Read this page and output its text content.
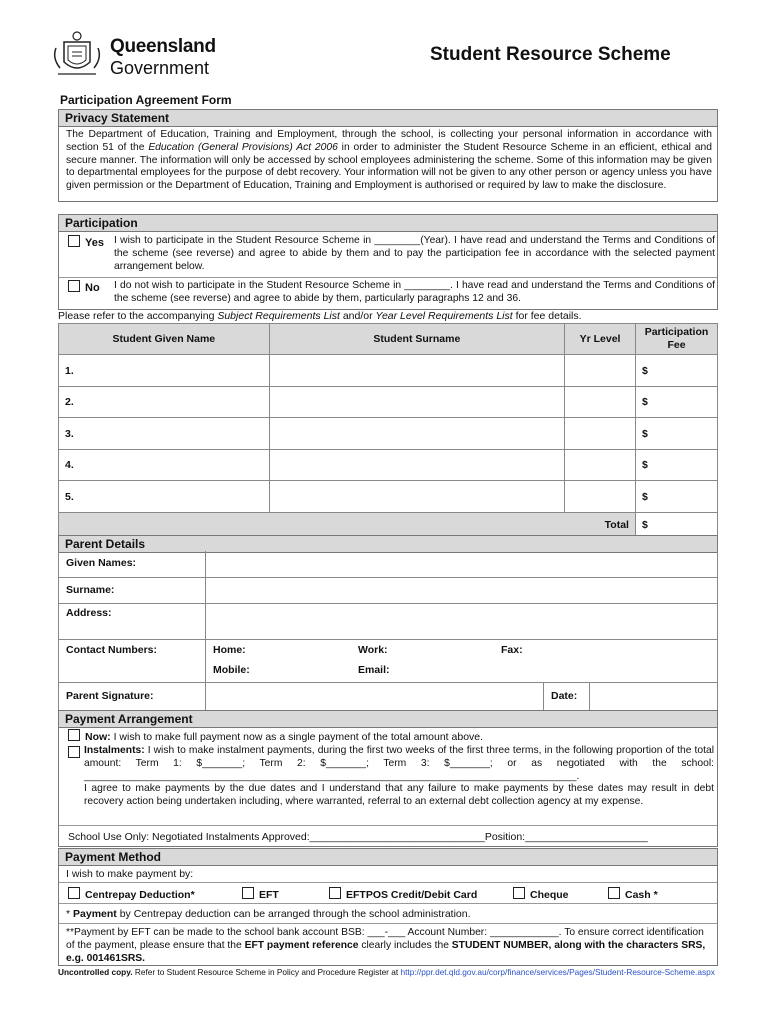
Queensland
Government
Student Resource Scheme
Participation Agreement Form
Privacy Statement
The Department of Education, Training and Employment, through the school, is collecting your personal information in accordance with section 51 of the Education (General Provisions) Act 2006 in order to administer the Student Resource Scheme in an efficient, ethical and secure manner. The information will only be accessed by school employees administering the scheme. Some of this information may be given to departmental employees for the purpose of debt recovery. Your information will not be given to any other person or agency unless you have given permission or the Department of Education, Training and Employment is authorised or required by law to make the disclosure.
Participation
Yes I wish to participate in the Student Resource Scheme in ________(Year). I have read and understand the Terms and Conditions of the scheme (see reverse) and agree to abide by them and to pay the participation fee in accordance with the selected payment arrangement below.
No I do not wish to participate in the Student Resource Scheme in ________. I have read and understand the Terms and Conditions of the scheme (see reverse) and agree to abide by them, particularly paragraphs 12 and 36.
Please refer to the accompanying Subject Requirements List and/or Year Level Requirements List for fee details.
Student Given Name	Student Surname	Yr Level	Participation
Fee
1.			$
2.			$
3.			$
4.			$
5.			$
Total			$
Parent Details
Given Names:
Surname:
Address:
Contact Numbers:	Home:	Work:	Fax:
Mobile:	Email:
Parent Signature:	Date:
Payment Arrangement
Now: I wish to make full payment now as a single payment of the total amount above.
Instalments: I wish to make instalment payments, during the first two weeks of the first three terms, in the following proportion of the total amount: Term 1: $_______; Term 2: $_______; Term 3: $_______; or as negotiated with the school: ______________________________________________________________________________________.
I agree to make payments by the due dates and I understand that any failure to make payments by these dates may result in debt recovery action being undertaken including, where warranted, referral to an external debt collection agency at my expense.
School Use Only: Negotiated Instalments Approved:______________________________Position:_____________________
Payment Method
I wish to make payment by:
Centrepay Deduction*	EFT	EFTPOS Credit/Debit Card	Cheque	Cash *
* Payment by Centrepay deduction can be arranged through the school administration.
**Payment by EFT can be made to the school bank account BSB: ___-___ Account Number: ____________. To ensure correct identification of the payment, please ensure that the EFT payment reference clearly includes the STUDENT NUMBER, along with the characters SRS, e.g. 001461SRS.
Uncontrolled copy. Refer to Student Resource Scheme in Policy and Procedure Register at http://ppr.det.qld.gov.au/corp/finance/services/Pages/Student-Resource-Scheme.aspx
